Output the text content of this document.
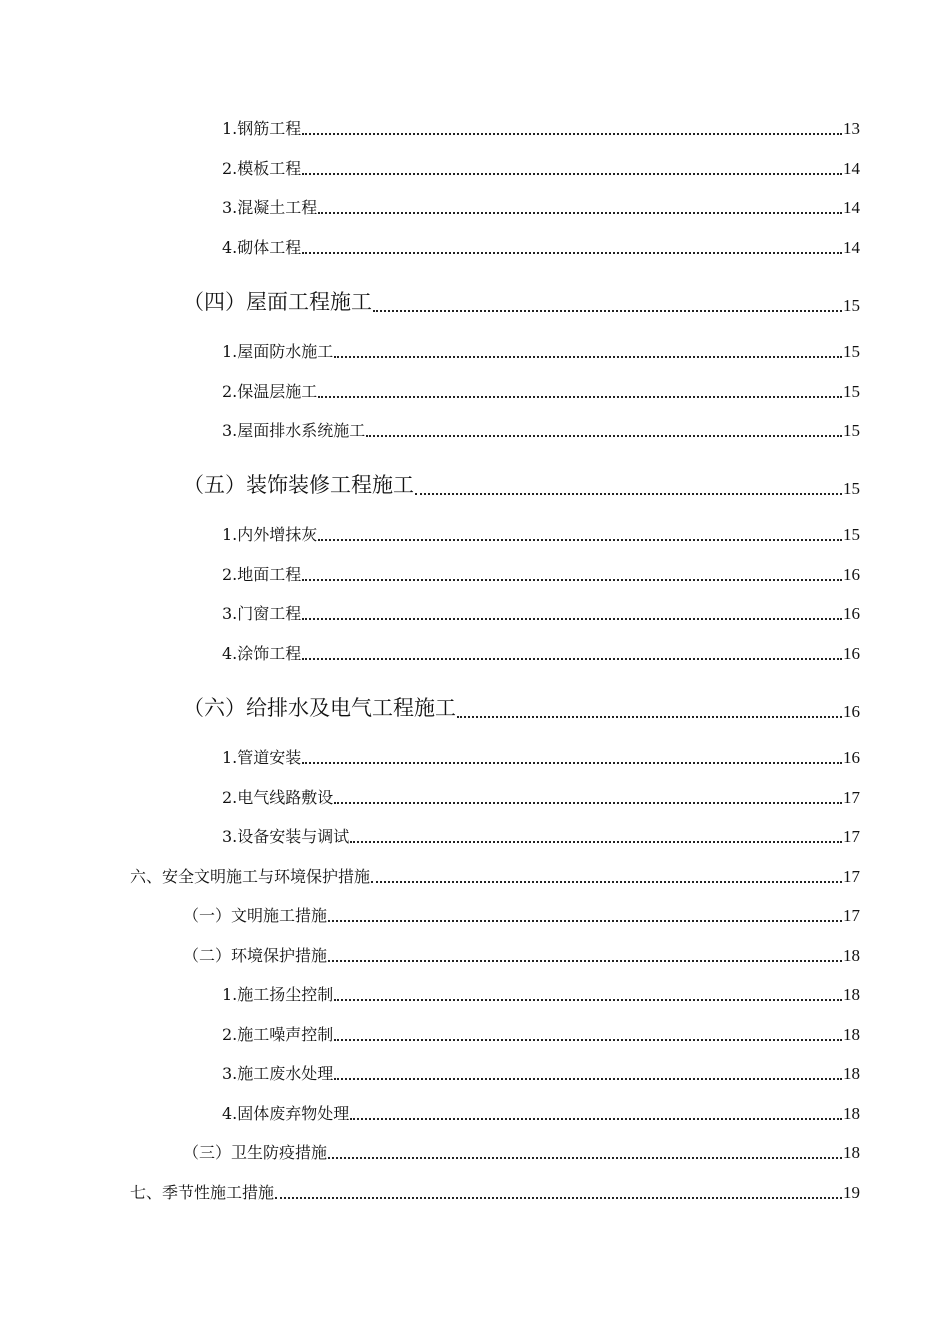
1.钢筋工程	13
2.模板工程	14
3.混凝土工程	14
4.砌体工程	14
（四）屋面工程施工	15
1.屋面防水施工	15
2.保温层施工	15
3.屋面排水系统施工	15
（五）装饰装修工程施工	15
1.内外增抹灰	15
2.地面工程	16
3.门窗工程	16
4.涂饰工程	16
（六）给排水及电气工程施工	16
1.管道安装	16
2.电气线路敷设	17
3.设备安装与调试	17
六、安全文明施工与环境保护措施	17
（一）文明施工措施	17
（二）环境保护措施	18
1.施工扬尘控制	18
2.施工噪声控制	18
3.施工废水处理	18
4.固体废弃物处理	18
（三）卫生防疫措施	18
七、季节性施工措施	19
